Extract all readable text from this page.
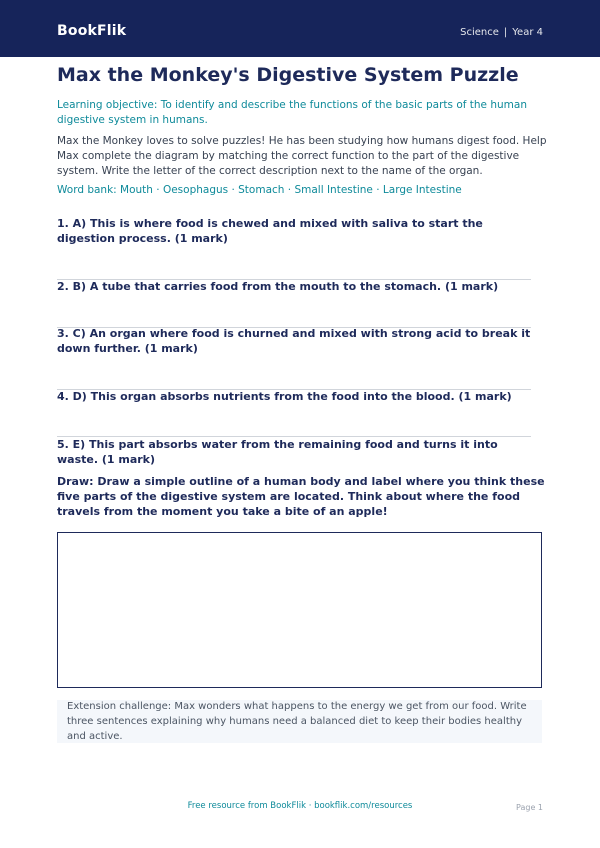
BookFlik	Science | Year 4
Max the Monkey's Digestive System Puzzle

Learning objective: To identify and describe the functions of the basic parts of the human digestive system in humans.

Max the Monkey loves to solve puzzles! He has been studying how humans digest food. Help Max complete the diagram by matching the correct function to the part of the digestive system. Write the letter of the correct description next to the name of the organ.

Word bank: Mouth · Oesophagus · Stomach · Small Intestine · Large Intestine

1. A) This is where food is chewed and mixed with saliva to start the digestion process. (1 mark)

2. B) A tube that carries food from the mouth to the stomach. (1 mark)

3. C) An organ where food is churned and mixed with strong acid to break it down further. (1 mark)

4. D) This organ absorbs nutrients from the food into the blood. (1 mark)

5. E) This part absorbs water from the remaining food and turns it into waste. (1 mark)

Draw: Draw a simple outline of a human body and label where you think these five parts of the digestive system are located. Think about where the food travels from the moment you take a bite of an apple!

Extension challenge: Max wonders what happens to the energy we get from our food. Write three sentences explaining why humans need a balanced diet to keep their bodies healthy and active.
Free resource from BookFlik · bookflik.com/resources	Page 1
